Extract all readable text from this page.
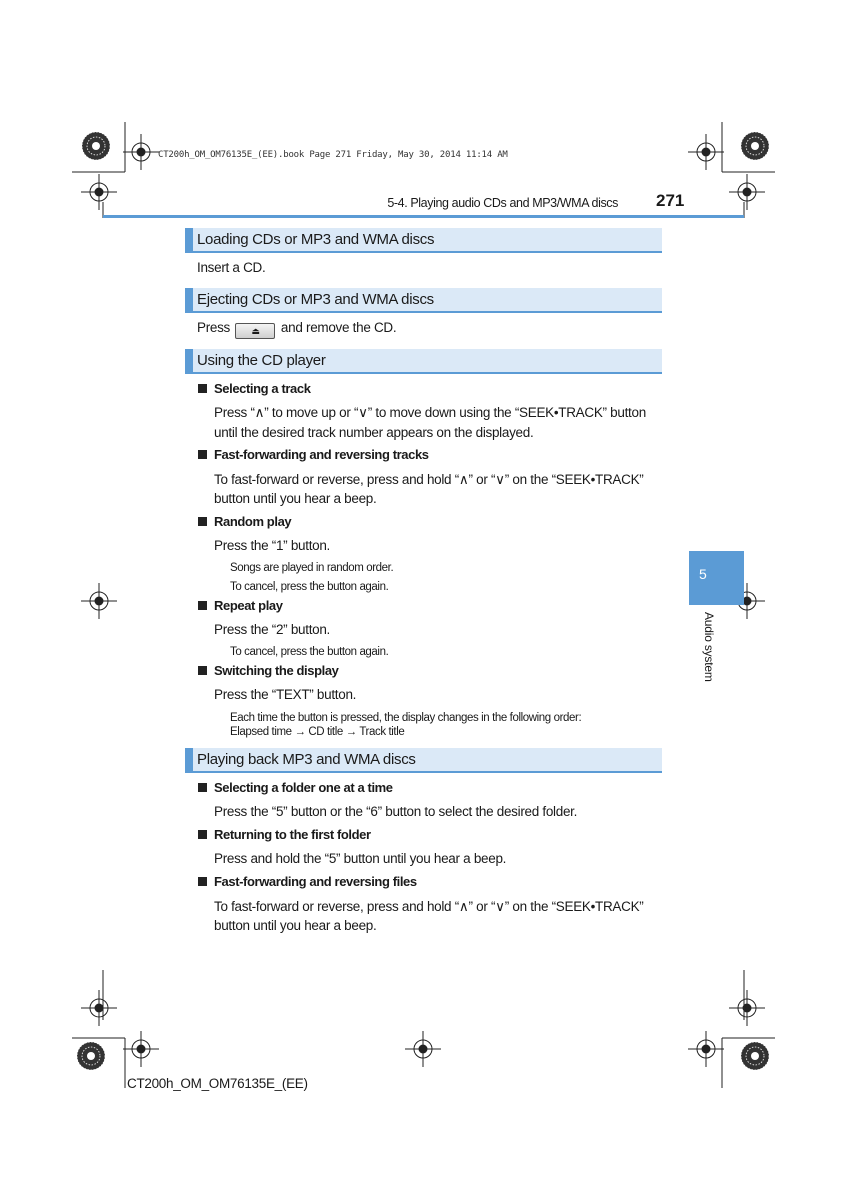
CT200h_OM_OM76135E_(EE).book Page 271 Friday, May 30, 2014 11:14 AM
5-4. Playing audio CDs and MP3/WMA discs 271
5
Audio system
Loading CDs or MP3 and WMA discs
Insert a CD.
Ejecting CDs or MP3 and WMA discs
Press ⏏ and remove the CD.
Using the CD player
Selecting a track
Press “∧” to move up or “∨” to move down using the “SEEK•TRACK” button
until the desired track number appears on the displayed.
Fast-forwarding and reversing tracks
To fast-forward or reverse, press and hold “∧” or “∨” on the “SEEK•TRACK”
button until you hear a beep.
Random play
Press the “1” button.
Songs are played in random order.
To cancel, press the button again.
Repeat play
Press the “2” button.
To cancel, press the button again.
Switching the display
Press the “TEXT” button.
Each time the button is pressed, the display changes in the following order:
Elapsed time → CD title → Track title
Playing back MP3 and WMA discs
Selecting a folder one at a time
Press the “5” button or the “6” button to select the desired folder.
Returning to the first folder
Press and hold the “5” button until you hear a beep.
Fast-forwarding and reversing files
To fast-forward or reverse, press and hold “∧” or “∨” on the “SEEK•TRACK”
button until you hear a beep.
CT200h_OM_OM76135E_(EE)
